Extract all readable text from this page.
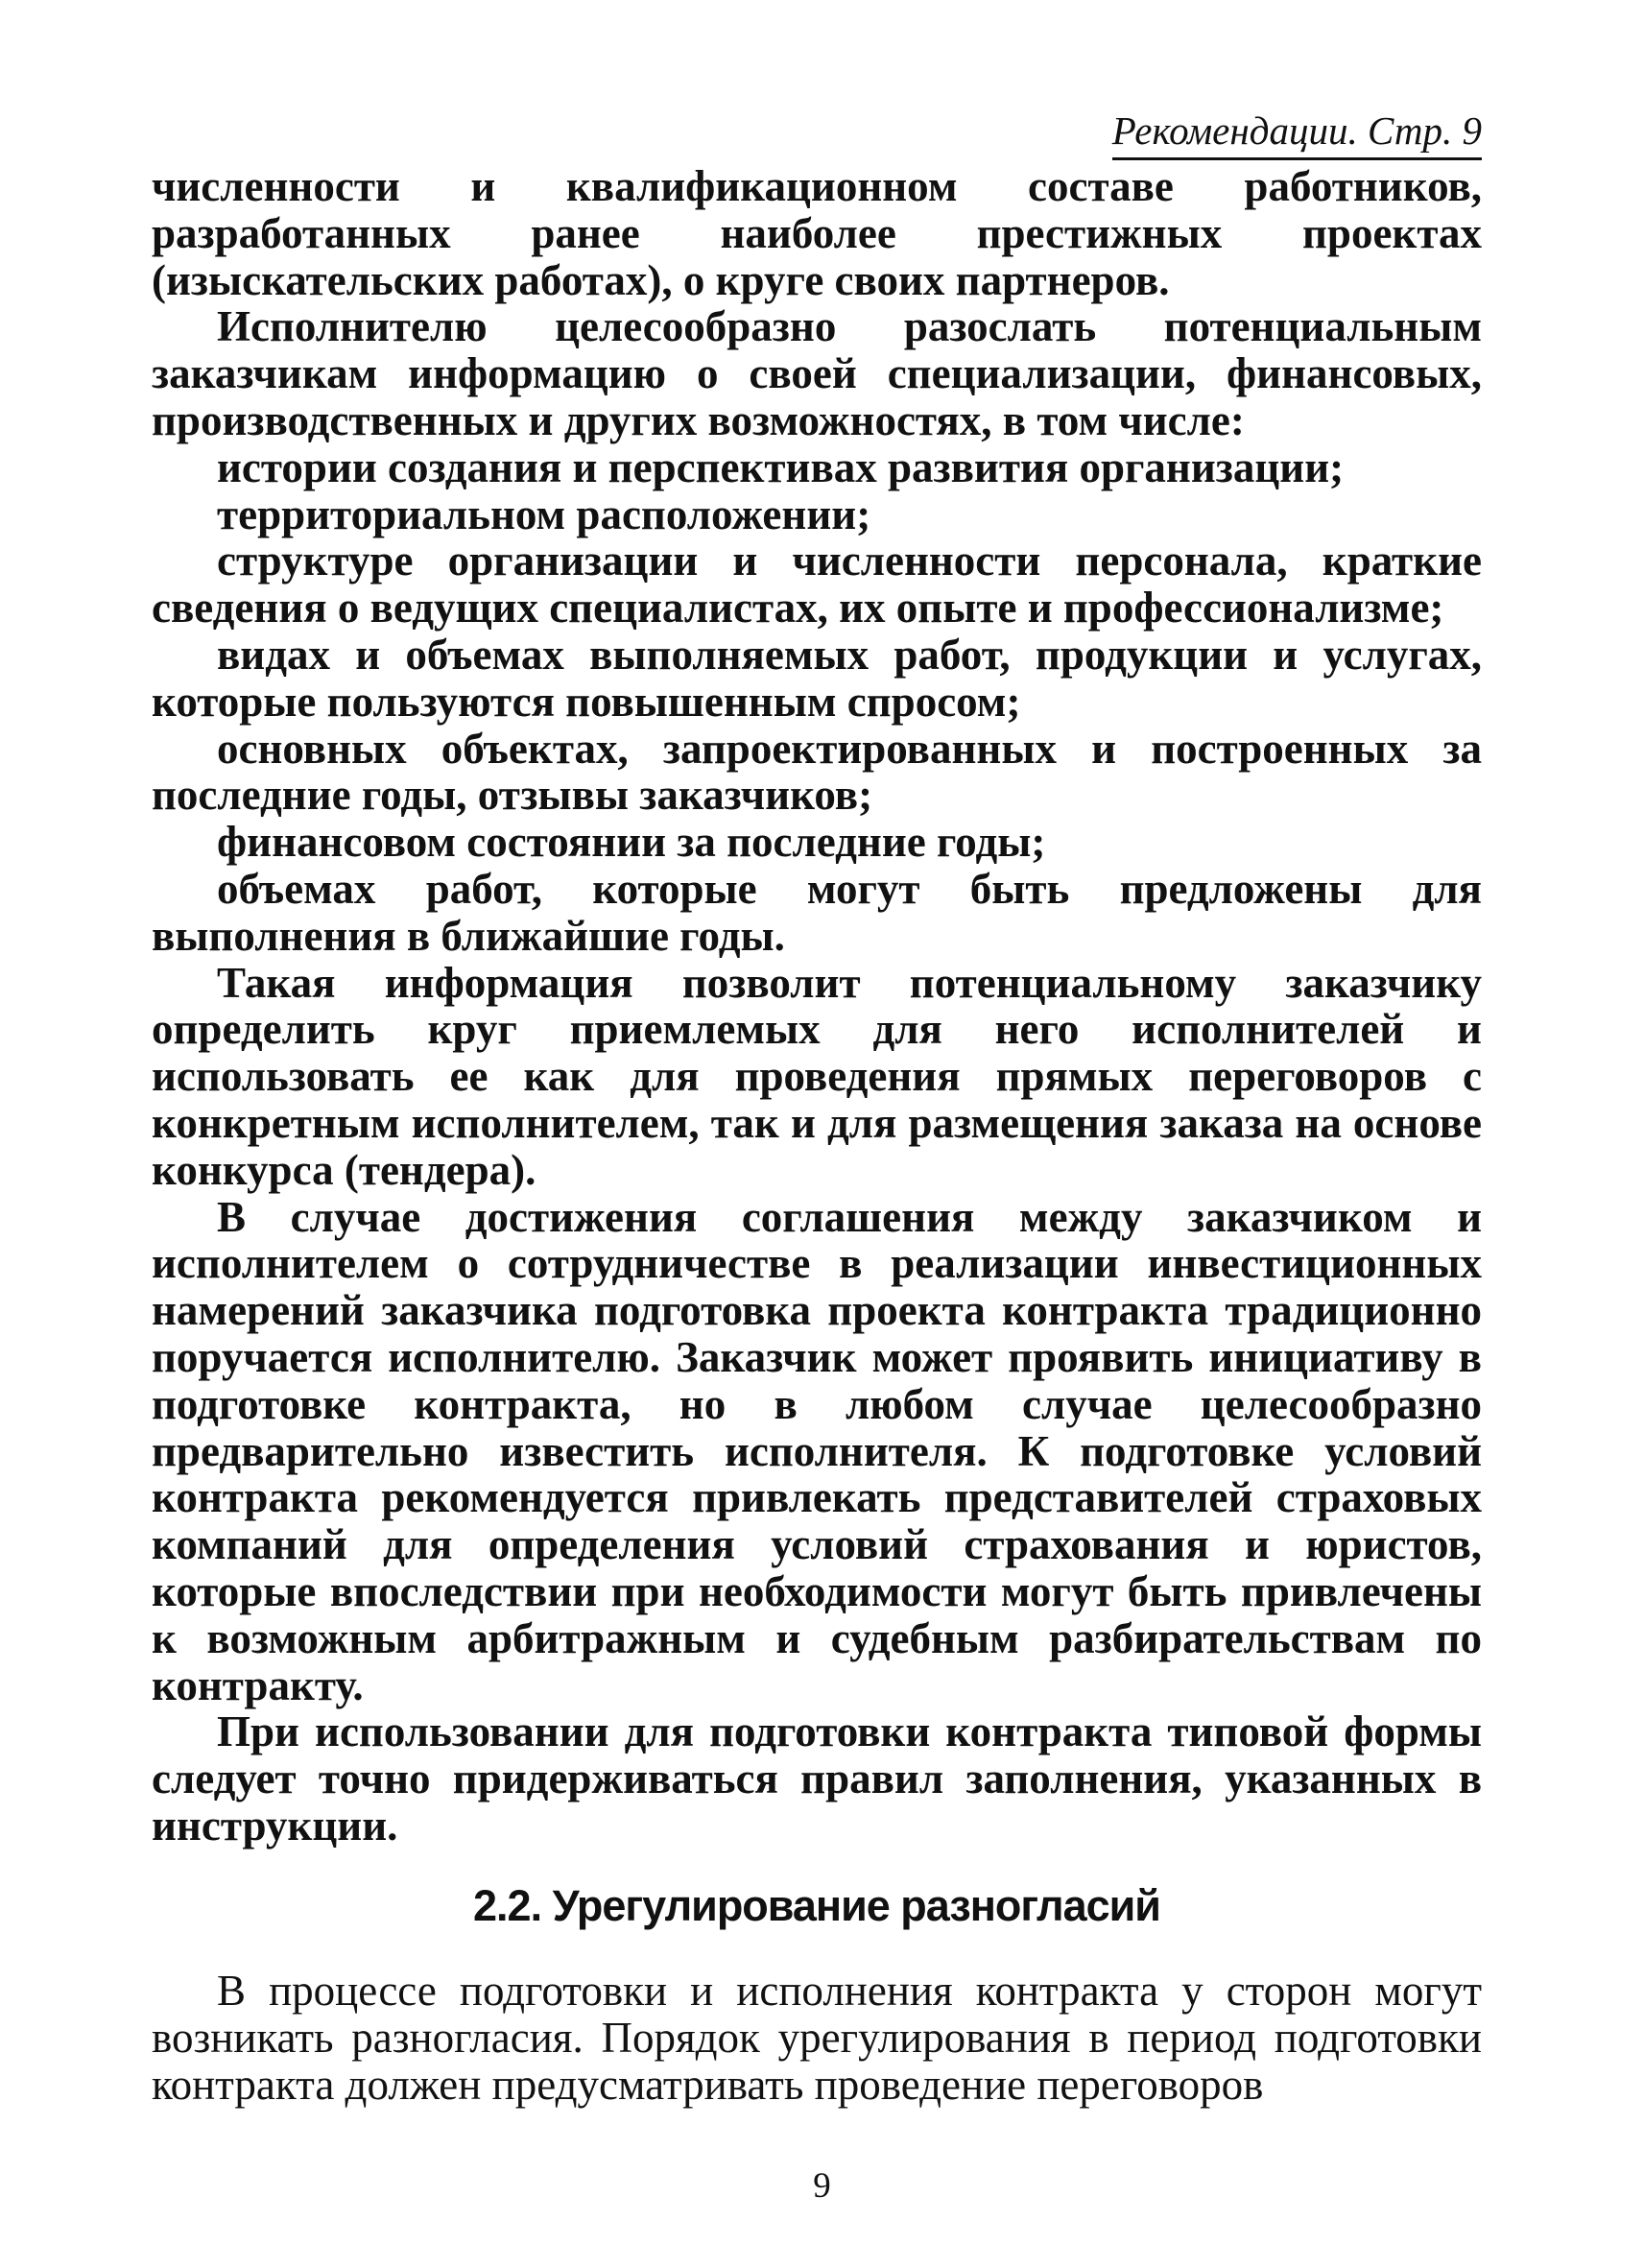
Рекомендации. Стр. 9

численности и квалификационном составе работников, разработанных ранее наиболее престижных проектах (изыскательских работах), о круге своих партнеров.

Исполнителю целесообразно разослать потенциальным заказчикам информацию о своей специализации, финансовых, производственных и других возможностях, в том числе:

истории создания и перспективах развития организации;

территориальном расположении;

структуре организации и численности персонала, краткие сведения о ведущих специалистах, их опыте и профессионализме;

видах и объемах выполняемых работ, продукции и услугах, которые пользуются повышенным спросом;

основных объектах, запроектированных и построенных за последние годы, отзывы заказчиков;

финансовом состоянии за последние годы;

объемах работ, которые могут быть предложены для выполнения в ближайшие годы.

Такая информация позволит потенциальному заказчику определить круг приемлемых для него исполнителей и использовать ее как для проведения прямых переговоров с конкретным исполнителем, так и для размещения заказа на основе конкурса (тендера).

В случае достижения соглашения между заказчиком и исполнителем о сотрудничестве в реализации инвестиционных намерений заказчика подготовка проекта контракта традиционно поручается исполнителю. Заказчик может проявить инициативу в подготовке контракта, но в любом случае целесообразно предварительно известить исполнителя. К подготовке условий контракта рекомендуется привлекать представителей страховых компаний для определения условий страхования и юристов, которые впоследствии при необходимости могут быть привлечены к возможным арбитражным и судебным разбирательствам по контракту.

При использовании для подготовки контракта типовой формы следует точно придерживаться правил заполнения, указанных в инструкции.

2.2. Урегулирование разногласий

В процессе подготовки и исполнения контракта у сторон могут возникать разногласия. Порядок урегулирования в период подготовки контракта должен предусматривать проведение переговоров

9
